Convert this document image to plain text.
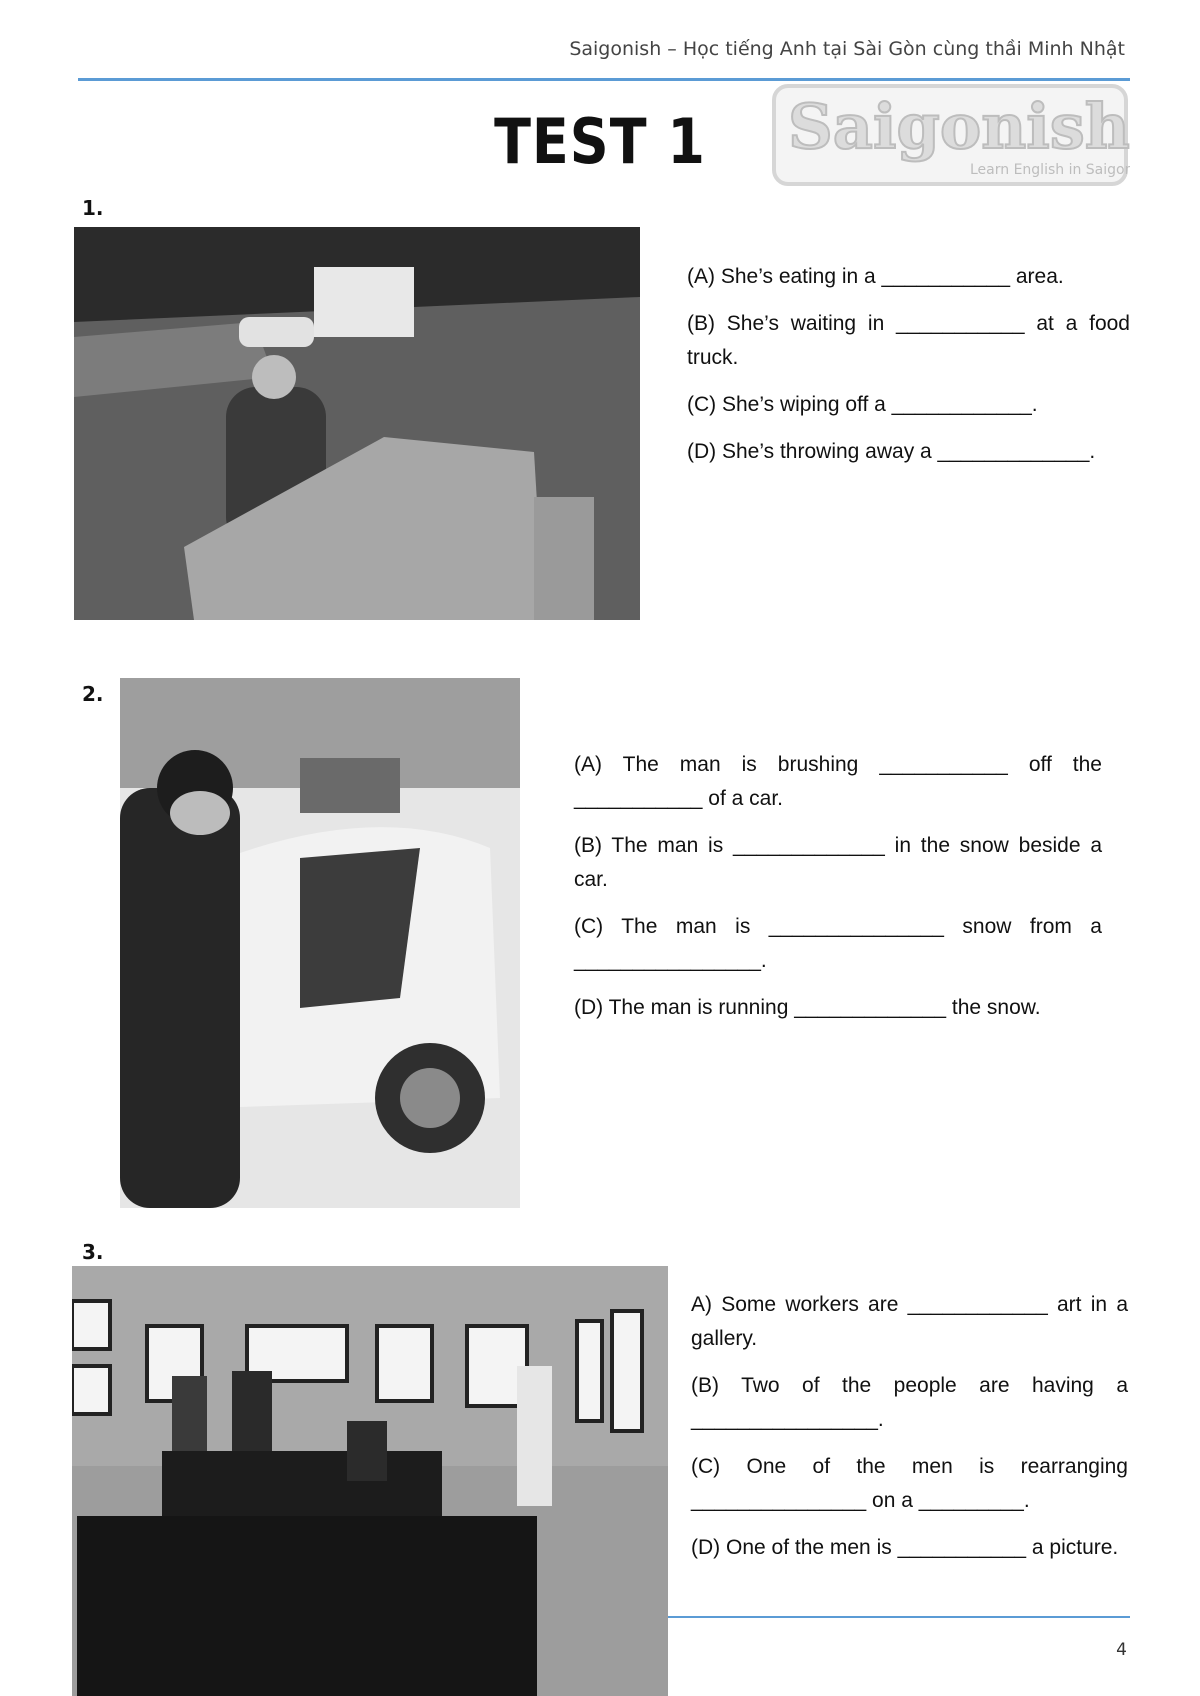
Saigonish – Học tiếng Anh tại Sài Gòn cùng thầi Minh Nhật
Saigonish
Learn English in Saigon
TEST 1
1.

(A) She’s eating in a ___________ area.

(B) She’s waiting in ___________ at a food truck.

(C) She’s wiping off a ____________.

(D) She’s throwing away a _____________.

2.

(A) The man is brushing ___________ off the ___________ of a car.

(B) The man is _____________ in the snow beside a car.

(C) The man is _______________ snow from a ________________.

(D) The man is running _____________ the snow.

3.

A) Some workers are ____________ art in a gallery.

(B) Two of the people are having a ________________.

(C) One of the men is rearranging _______________ on a _________.

(D) One of the men is ___________ a picture.

4
